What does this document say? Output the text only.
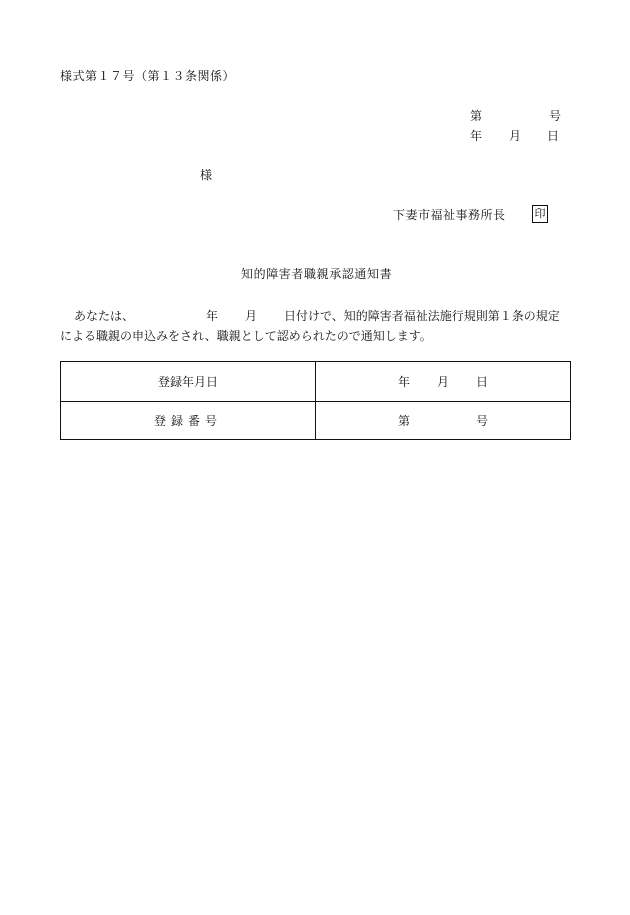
様式第１７号（第１３条関係）
第	号
年 月 日
様
下妻市福祉事務所長	印
知的障害者職親承認通知書
あなたは、	年 月 日付けで、知的障害者福祉法施行規則第１条の規定
による職親の申込みをされ、職親として認められたので通知します。
登録年月日	年 月 日
登録番号	第	号
